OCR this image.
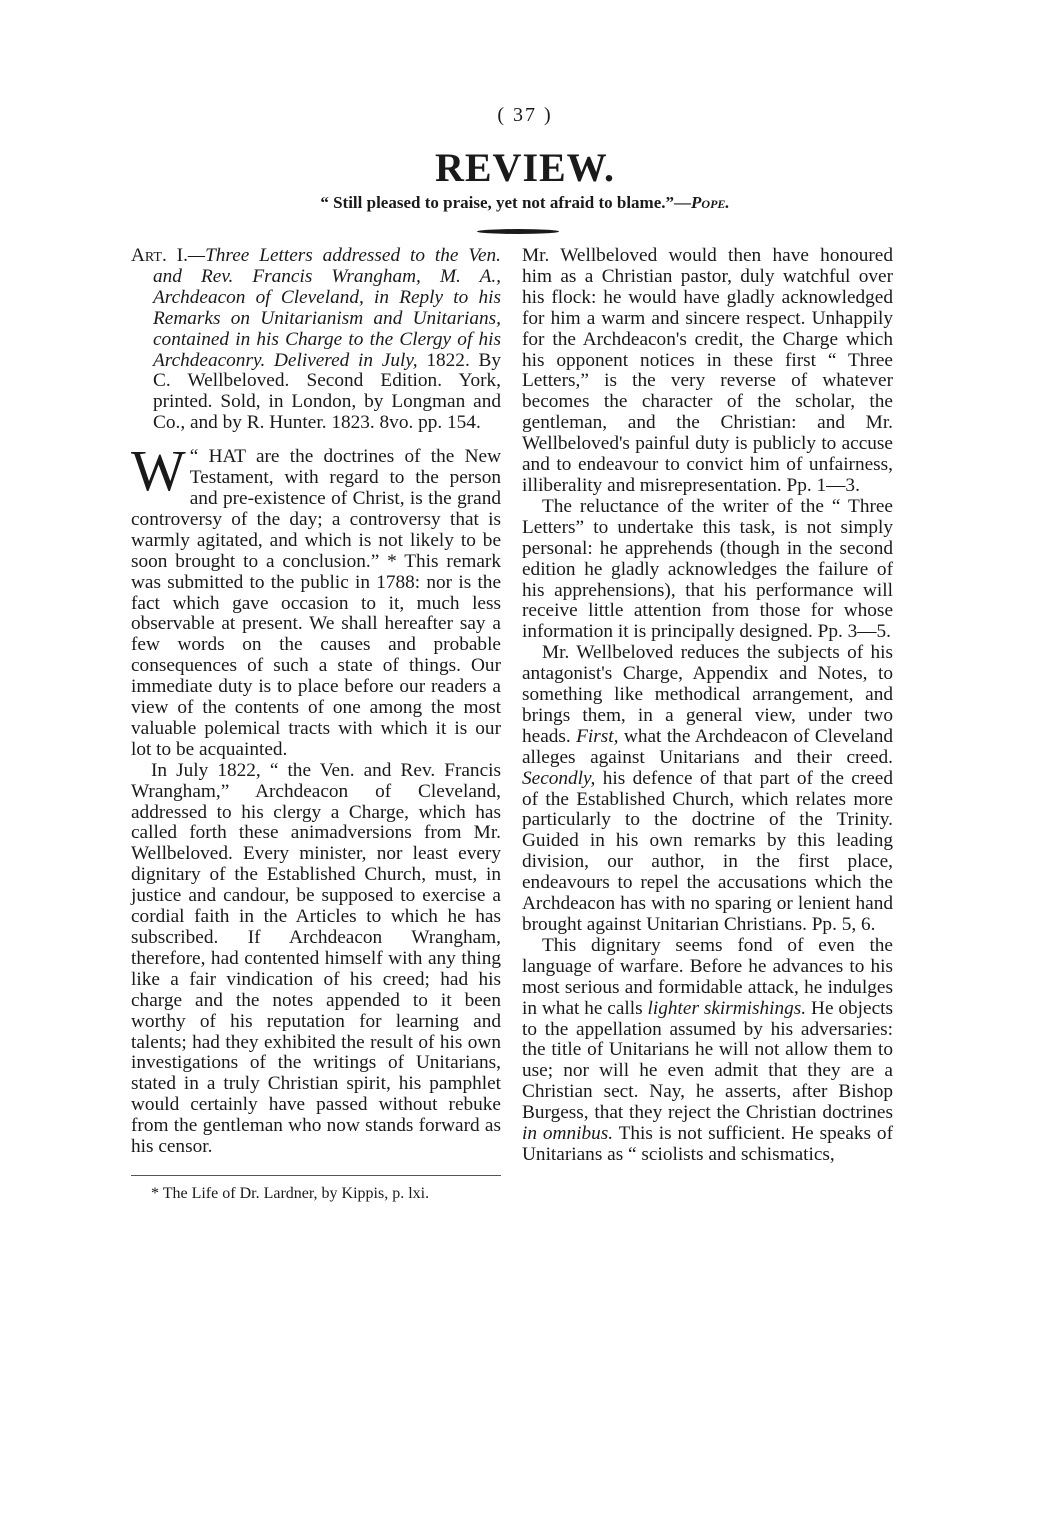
( 37 )
REVIEW.
“ Still pleased to praise, yet not afraid to blame.”—Pope.

Art. I.—Three Letters addressed to the Ven. and Rev. Francis Wrangham, M. A., Archdeacon of Cleveland, in Reply to his Remarks on Unitarianism and Unitarians, contained in his Charge to the Clergy of his Archdeaconry. Delivered in July, 1822. By C. Wellbeloved. Second Edition. York, printed. Sold, in London, by Longman and Co., and by R. Hunter. 1823. 8vo. pp. 154.

“
W HAT are the doctrines of the New Testament, with regard to the person and pre-existence of Christ, is the grand controversy of the day; a controversy that is warmly agitated, and which is not likely to be soon brought to a conclusion.” * This remark was submitted to the public in 1788: nor is the fact which gave occasion to it, much less observable at present. We shall hereafter say a few words on the causes and probable consequences of such a state of things. Our immediate duty is to place before our readers a view of the contents of one among the most valuable polemical tracts with which it is our lot to be acquainted.

In July 1822, “ the Ven. and Rev. Francis Wrangham,” Archdeacon of Cleveland, addressed to his clergy a Charge, which has called forth these animadversions from Mr. Wellbeloved. Every minister, nor least every dignitary of the Established Church, must, in justice and candour, be supposed to exercise a cordial faith in the Articles to which he has subscribed. If Archdeacon Wrangham, therefore, had contented himself with any thing like a fair vindication of his creed; had his charge and the notes appended to it been worthy of his reputation for learning and talents; had they exhibited the result of his own investigations of the writings of Unitarians, stated in a truly Christian spirit, his pamphlet would certainly have passed without rebuke from the gentleman who now stands forward as his censor.

* The Life of Dr. Lardner, by Kippis, p. lxi.

Mr. Wellbeloved would then have honoured him as a Christian pastor, duly watchful over his flock: he would have gladly acknowledged for him a warm and sincere respect. Unhappily for the Archdeacon's credit, the Charge which his opponent notices in these first “ Three Letters,” is the very reverse of whatever becomes the character of the scholar, the gentleman, and the Christian: and Mr. Wellbeloved's painful duty is publicly to accuse and to endeavour to convict him of unfairness, illiberality and misrepresentation. Pp. 1—3.

The reluctance of the writer of the “ Three Letters” to undertake this task, is not simply personal: he apprehends (though in the second edition he gladly acknowledges the failure of his apprehensions), that his performance will receive little attention from those for whose information it is principally designed. Pp. 3—5.

Mr. Wellbeloved reduces the subjects of his antagonist's Charge, Appendix and Notes, to something like methodical arrangement, and brings them, in a general view, under two heads. First, what the Archdeacon of Cleveland alleges against Unitarians and their creed. Secondly, his defence of that part of the creed of the Established Church, which relates more particularly to the doctrine of the Trinity. Guided in his own remarks by this leading division, our author, in the first place, endeavours to repel the accusations which the Archdeacon has with no sparing or lenient hand brought against Unitarian Christians. Pp. 5, 6.

This dignitary seems fond of even the language of warfare. Before he advances to his most serious and formidable attack, he indulges in what he calls lighter skirmishings. He objects to the appellation assumed by his adversaries: the title of Unitarians he will not allow them to use; nor will he even admit that they are a Christian sect. Nay, he asserts, after Bishop Burgess, that they reject the Christian doctrines in omnibus. This is not sufficient. He speaks of Unitarians as “ sciolists and schismatics,
